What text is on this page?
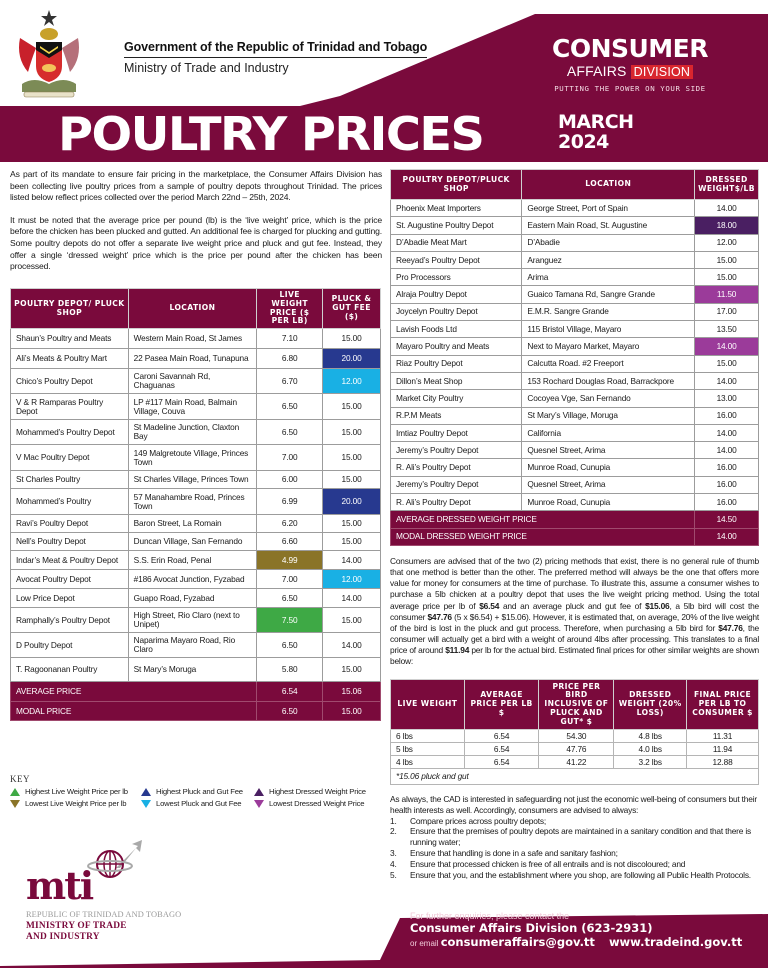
Government of the Republic of Trinidad and Tobago
Ministry of Trade and Industry
CONSUMER
AFFAIRS DIVISION
PUTTING THE POWER ON YOUR SIDE
POULTRY PRICES	MARCH
2024

As part of its mandate to ensure fair pricing in the marketplace, the Consumer Affairs Division has been collecting live poultry prices from a sample of poultry depots throughout Trinidad. The prices listed below reflect prices collected over the period March 22nd – 25th, 2024.

It must be noted that the average price per pound (lb) is the ‘live weight’ price, which is the price before the chicken has been plucked and gutted. An additional fee is charged for plucking and gutting. Some poultry depots do not offer a separate live weight price and pluck and gut fee. Instead, they offer a single ‘dressed weight’ price which is the price per pound after the chicken has been processed.

POULTRY DEPOT/ PLUCK SHOP	LOCATION	LIVE WEIGHT PRICE ($ PER LB)	PLUCK & GUT FEE ($)
Shaun’s Poultry and Meats	Western Main Road, St James	7.10	15.00
Ali’s Meats & Poultry Mart	22 Pasea Main Road, Tunapuna	6.80	20.00
Chico’s Poultry Depot	Caroni Savannah Rd, Chaguanas	6.70	12.00
V & R Ramparas Poultry Depot	LP #117 Main Road, Balmain Village, Couva	6.50	15.00
Mohammed’s Poultry Depot	St Madeline Junction, Claxton Bay	6.50	15.00
V Mac Poultry Depot	149 Malgretoute Village, Princes Town	7.00	15.00
St Charles Poultry	St Charles Village, Princes Town	6.00	15.00
Mohammed’s Poultry	57 Manahambre Road, Princes Town	6.99	20.00
Ravi’s Poultry Depot	Baron Street, La Romain	6.20	15.00
Nell’s Poultry Depot	Duncan Village, San Fernando	6.60	15.00
Indar’s Meat & Poultry Depot	S.S. Erin Road, Penal	4.99	14.00
Avocat Poultry Depot	#186 Avocat Junction, Fyzabad	7.00	12.00
Low Price Depot	Guapo Road, Fyzabad	6.50	14.00
Ramphally’s Poultry Depot	High Street, Rio Claro (next to Unipet)	7.50	15.00
D Poultry Depot	Naparima Mayaro Road, Rio Claro	6.50	14.00
T. Ragoonanan Poultry	St Mary’s Moruga	5.80	15.00
AVERAGE PRICE		6.54	15.06
MODAL PRICE		6.50	15.00
POULTRY DEPOT/PLUCK SHOP	LOCATION	DRESSED WEIGHT$/LB
Phoenix Meat Importers	George Street, Port of Spain	14.00
St. Augustine Poultry Depot	Eastern Main Road, St. Augustine	18.00
D’Abadie Meat Mart	D’Abadie	12.00
Reeyad’s Poultry Depot	Aranguez	15.00
Pro Processors	Arima	15.00
Alraja Poultry Depot	Guaico Tamana Rd, Sangre Grande	11.50
Joycelyn Poultry Depot	E.M.R. Sangre Grande	17.00
Lavish Foods Ltd	115 Bristol Village, Mayaro	13.50
Mayaro Poultry and Meats	Next to Mayaro Market, Mayaro	14.00
Riaz Poultry Depot	Calcutta Road. #2 Freeport	15.00
Dillon’s Meat Shop	153 Rochard Douglas Road, Barrackpore	14.00
Market City Poultry	Cocoyea Vge, San Fernando	13.00
R.P.M Meats	St Mary’s Village, Moruga	16.00
Imtiaz Poultry Depot	California	14.00
Jeremy’s Poultry Depot	Quesnel Street, Arima	14.00
R. Ali’s Poultry Depot	Munroe Road, Cunupia	16.00
Jeremy’s Poultry Depot	Quesnel Street, Arima	16.00
R. Ali’s Poultry Depot	Munroe Road, Cunupia	16.00
AVERAGE DRESSED WEIGHT PRICE		14.50
MODAL DRESSED WEIGHT PRICE		14.00
Consumers are advised that of the two (2) pricing methods that exist, there is no general rule of thumb that one method is better than the other. The preferred method will always be the one that offers more value for money for consumers at the time of purchase. To illustrate this, assume a consumer wishes to purchase a 5lb chicken at a poultry depot that uses the live weight pricing method. Using the total average price per lb of $6.54 and an average pluck and gut fee of $15.06, a 5lb bird will cost the consumer $47.76 (5 x $6.54) + $15.06). However, it is estimated that, on average, 20% of the live weight of the bird is lost in the pluck and gut process. Therefore, when purchasing a 5lb bird for $47.76, the consumer will actually get a bird with a weight of around 4lbs after processing. This translates to a final price of around $11.94 per lb for the actual bird. Estimated final prices for other similar weights are shown below:
LIVE WEIGHT	AVERAGE PRICE PER LB $	PRICE PER BIRD INCLUSIVE OF PLUCK AND GUT* $	DRESSED WEIGHT (20% LOSS)	FINAL PRICE PER LB TO CONSUMER $
6 lbs	6.54	54.30	4.8 lbs	11.31
5 lbs	6.54	47.76	4.0 lbs	11.94
4 lbs	6.54	41.22	3.2 lbs	12.88
*15.06 pluck and gut				

As always, the CAD is interested in safeguarding not just the economic well-being of consumers but their health interests as well. Accordingly, consumers are advised to always:

1.	Compare prices across poultry depots;
2.	Ensure that the premises of poultry depots are maintained in a sanitary condition and that there is running water;
3.	Ensure that handling is done in a safe and sanitary fashion;
4.	Ensure that processed chicken is free of all entrails and is not discoloured; and
5.	Ensure that you, and the establishment where you shop, are following all Public Health Protocols.
KEY
Highest Live Weight Price per lb	Highest Pluck and Gut Fee	Highest Dressed Weight Price
Lowest Live Weight Price per lb	Lowest Pluck and Gut Fee	Lowest Dressed Weight Price
mti
REPUBLIC OF TRINIDAD AND TOBAGO
MINISTRY OF TRADE
AND INDUSTRY
For further enquiries, please contact the
Consumer Affairs Division (623-2931)
or email consumeraffairs@gov.tt www.tradeind.gov.tt
